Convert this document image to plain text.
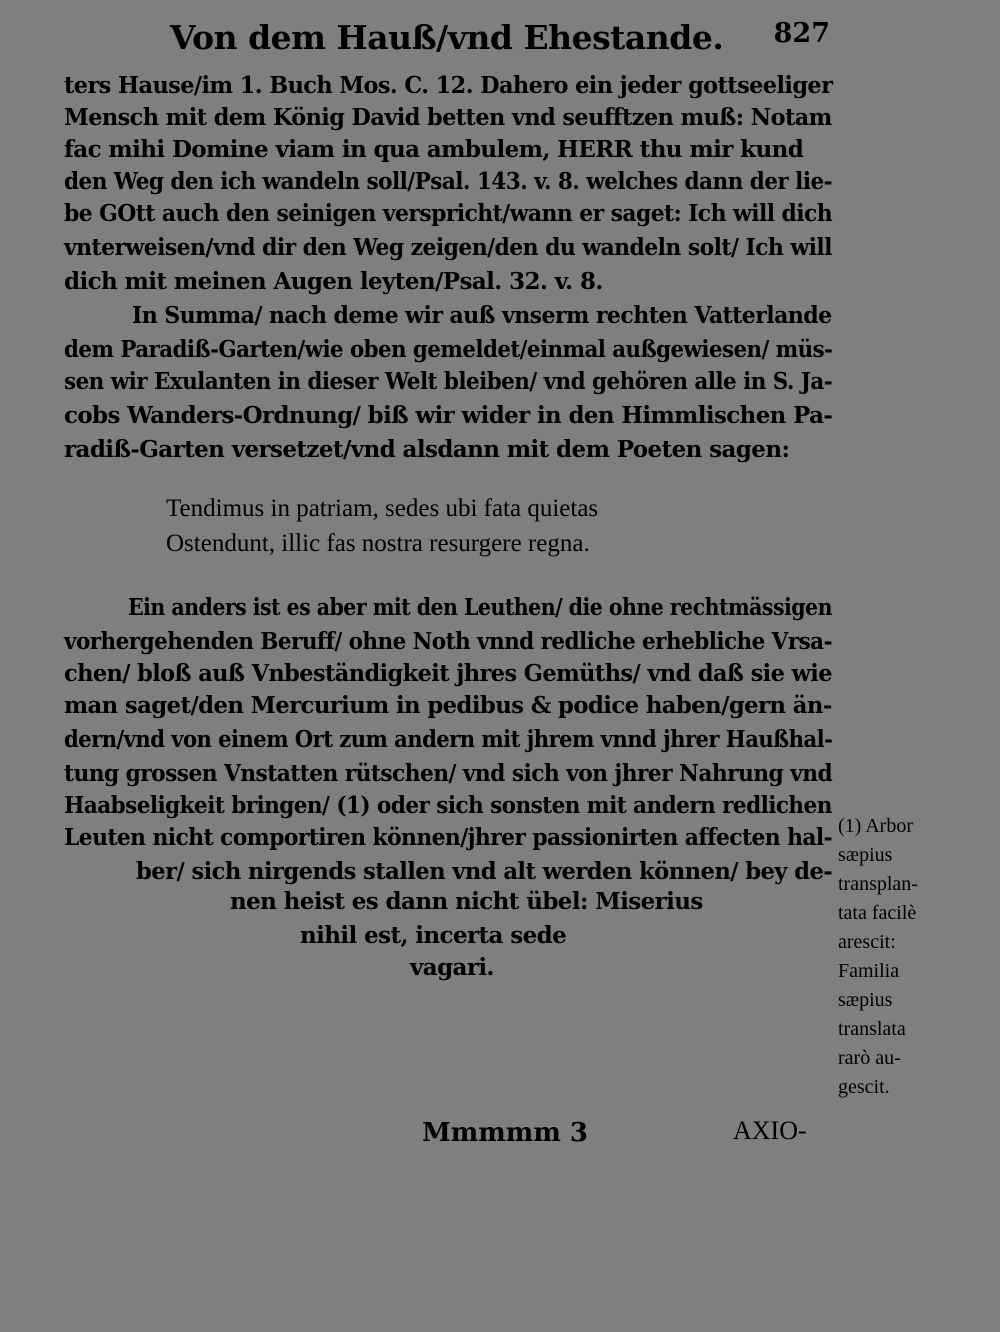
Von dem Hauß/vnd Ehestande. 827
ters Hause/im 1. Buch Mos. C. 12. Dahero ein jeder gottseeliger
Mensch mit dem König David betten vnd seufftzen muß: Notam
fac mihi Domine viam in qua ambulem, HERR thu mir kund
den Weg den ich wandeln soll/Psal. 143. v. 8. welches dann der lie-
be GOtt auch den seinigen verspricht/wann er saget: Ich will dich
vnterweisen/vnd dir den Weg zeigen/den du wandeln solt/ Ich will
dich mit meinen Augen leyten/Psal. 32. v. 8.
In Summa/ nach deme wir auß vnserm rechten Vatterlande
dem Paradiß-Garten/wie oben gemeldet/einmal außgewiesen/ müs-
sen wir Exulanten in dieser Welt bleiben/ vnd gehören alle in S. Ja-
cobs Wanders-Ordnung/ biß wir wider in den Himmlischen Pa-
radiß-Garten versetzet/vnd alsdann mit dem Poeten sagen:
Tendimus in patriam, sedes ubi fata quietas
Ostendunt, illic fas nostra resurgere regna.
Ein anders ist es aber mit den Leuthen/ die ohne rechtmässigen
vorhergehenden Beruff/ ohne Noth vnnd redliche erhebliche Vrsa-
chen/ bloß auß Vnbeständigkeit jhres Gemüths/ vnd daß sie wie
man saget/den Mercurium in pedibus & podice haben/gern än-
dern/vnd von einem Ort zum andern mit jhrem vnnd jhrer Haußhal-
tung grossen Vnstatten rütschen/ vnd sich von jhrer Nahrung vnd
Haabseligkeit bringen/ (1) oder sich sonsten mit andern redlichen
Leuten nicht comportiren können/jhrer passionirten affecten hal-
ber/ sich nirgends stallen vnd alt werden können/ bey de-
nen heist es dann nicht übel: Miserius
nihil est, incerta sede
vagari.
(1) Arbor
sæpius
transplan-
tata facilè
arescit:
Familia
sæpius
translata
rarò au-
gescit.
Mmmmm 3	AXIO-
